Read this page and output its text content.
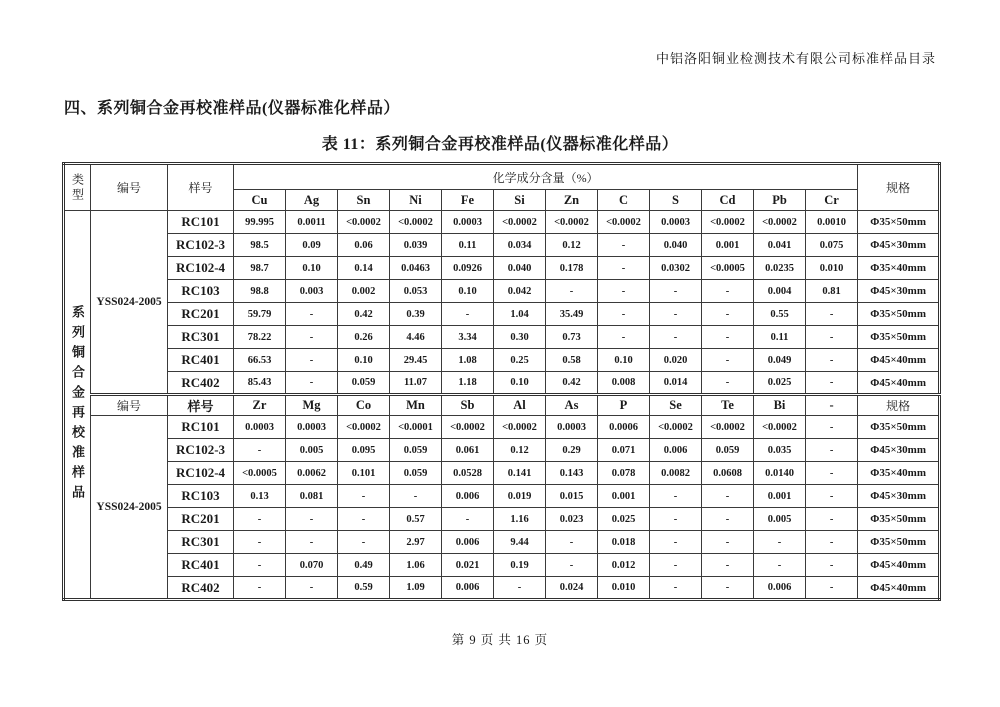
中铝洛阳铜业检测技术有限公司标准样品目录
四、系列铜合金再校准样品(仪器标准化样品）
表 11：系列铜合金再校准样品(仪器标准化样品）
类型	编号	样号	化学成分含量（%）												规格
			Cu	Ag	Sn	Ni	Fe	Si	Zn	C	S	Cd	Pb	Cr	

系列铜合金再校准样品	YSS024-2005	RC101	99.995	0.0011	<0.0002	<0.0002	0.0003	<0.0002	<0.0002	<0.0002	0.0003	<0.0002	<0.0002	0.0010	Φ35×50mm
		RC102-3	98.5	0.09	0.06	0.039	0.11	0.034	0.12	-	0.040	0.001	0.041	0.075	Φ45×30mm
		RC102-4	98.7	0.10	0.14	0.0463	0.0926	0.040	0.178	-	0.0302	<0.0005	0.0235	0.010	Φ35×40mm
		RC103	98.8	0.003	0.002	0.053	0.10	0.042	-	-	-	-	0.004	0.81	Φ45×30mm
		RC201	59.79	-	0.42	0.39	-	1.04	35.49	-	-	-	0.55	-	Φ35×50mm
		RC301	78.22	-	0.26	4.46	3.34	0.30	0.73	-	-	-	0.11	-	Φ35×50mm
		RC401	66.53	-	0.10	29.45	1.08	0.25	0.58	0.10	0.020	-	0.049	-	Φ45×40mm
		RC402	85.43	-	0.059	11.07	1.18	0.10	0.42	0.008	0.014	-	0.025	-	Φ45×40mm
	编号	样号	Zr	Mg	Co	Mn	Sb	Al	As	P	Se	Te	Bi	-	规格
	YSS024-2005	RC101	0.0003	0.0003	<0.0002	<0.0001	<0.0002	<0.0002	0.0003	0.0006	<0.0002	<0.0002	<0.0002	-	Φ35×50mm
		RC102-3	-	0.005	0.095	0.059	0.061	0.12	0.29	0.071	0.006	0.059	0.035	-	Φ45×30mm
		RC102-4	<0.0005	0.0062	0.101	0.059	0.0528	0.141	0.143	0.078	0.0082	0.0608	0.0140	-	Φ35×40mm
		RC103	0.13	0.081	-	-	0.006	0.019	0.015	0.001	-	-	0.001	-	Φ45×30mm
		RC201	-	-	-	0.57	-	1.16	0.023	0.025	-	-	0.005	-	Φ35×50mm
		RC301	-	-	-	2.97	0.006	9.44	-	0.018	-	-	-	-	Φ35×50mm
		RC401	-	0.070	0.49	1.06	0.021	0.19	-	0.012	-	-	-	-	Φ45×40mm
		RC402	-	-	0.59	1.09	0.006	-	0.024	0.010	-	-	0.006	-	Φ45×40mm
第 9 页 共 16 页
